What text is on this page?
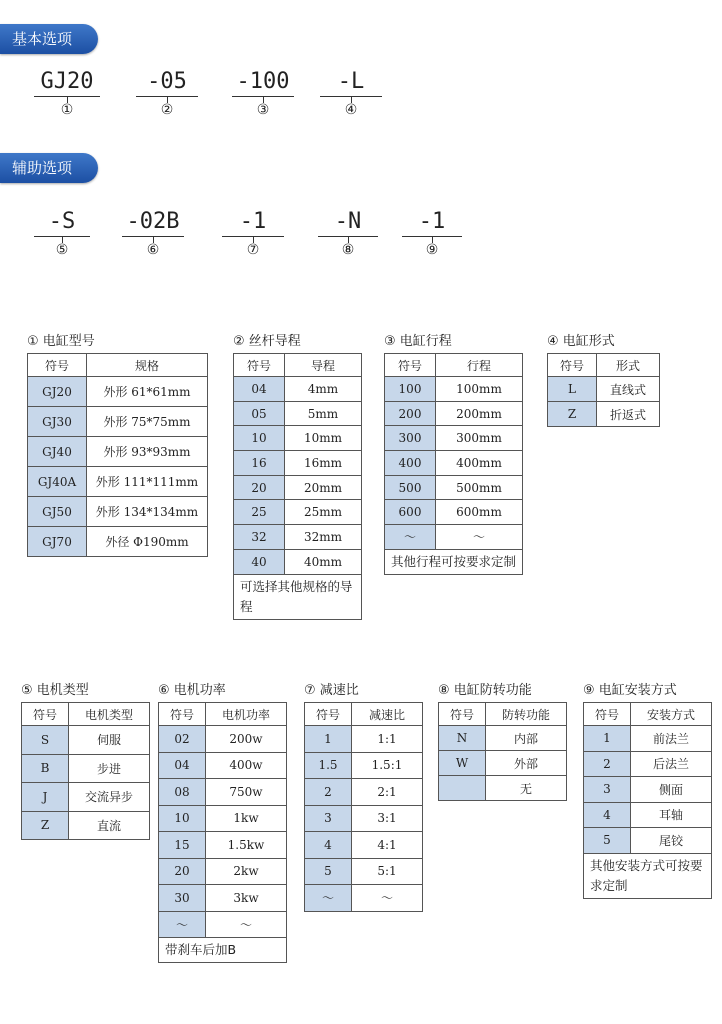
基本选项
辅助选项
GJ20
①
-05
②
-100
③
-L
④
-S
⑤
-02B
⑥
-1
⑦
-N
⑧
-1
⑨
① 电缸型号
符号	规格
GJ20	外形 61*61mm
GJ30	外形 75*75mm
GJ40	外形 93*93mm
GJ40A	外形 111*111mm
GJ50	外形 134*134mm
GJ70	外径 Φ190mm
② 丝杆导程
符号	导程
04	4mm
05	5mm
10	10mm
16	16mm
20	20mm
25	25mm
32	32mm
40	40mm
可选择其他规格的导程
③ 电缸行程
符号	行程
100	100mm
200	200mm
300	300mm
400	400mm
500	500mm
600	600mm
～	～
其他行程可按要求定制
④ 电缸形式
符号	形式
L	直线式
Z	折返式
⑤ 电机类型
符号	电机类型
S	伺服
B	步进
J	交流异步
Z	直流
⑥ 电机功率
符号	电机功率
02	200w
04	400w
08	750w
10	1kw
15	1.5kw
20	2kw
30	3kw
～	～
带刹车后加B
⑦ 减速比
符号	减速比
1	1:1
1.5	1.5:1
2	2:1
3	3:1
4	4:1
5	5:1
～	～
⑧ 电缸防转功能
符号	防转功能
N	内部
W	外部
	无
⑨ 电缸安装方式
符号	安装方式
1	前法兰
2	后法兰
3	侧面
4	耳轴
5	尾铰
其他安装方式可按要求定制
